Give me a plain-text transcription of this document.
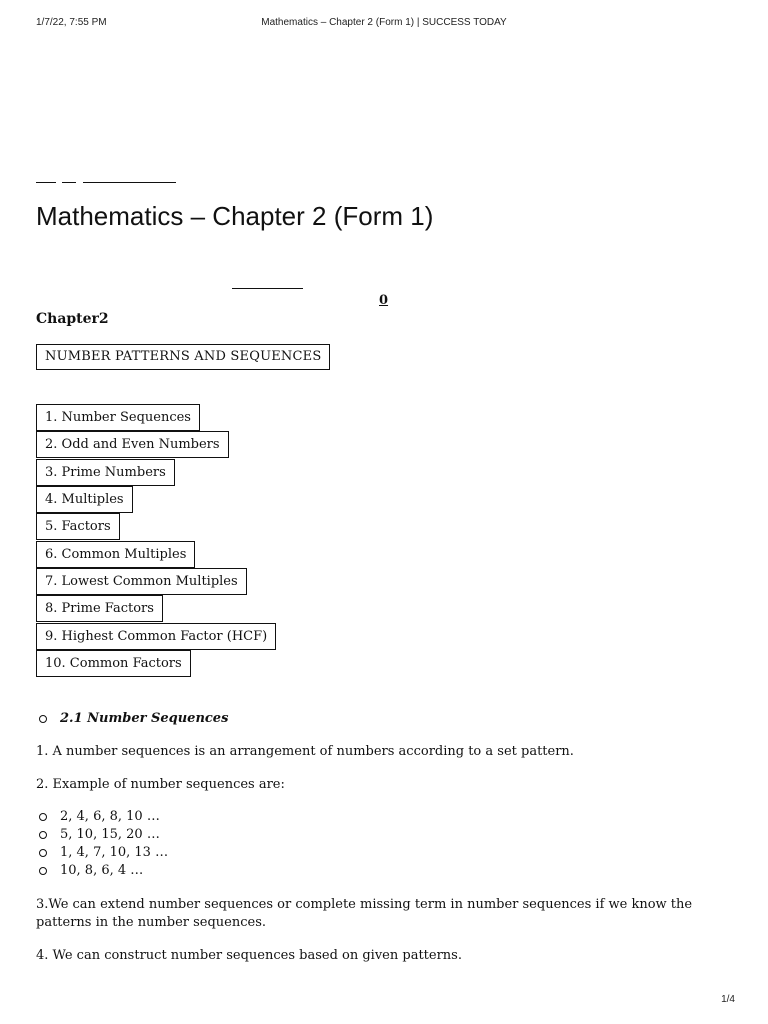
1/7/22, 7:55 PM	Mathematics – Chapter 2 (Form 1) | SUCCESS TODAY
Mathematics – Chapter 2 (Form 1)
0
Chapter2
NUMBER PATTERNS AND SEQUENCES
1. Number Sequences
2. Odd and Even Numbers
3. Prime Numbers
4. Multiples
5. Factors
6. Common Multiples
7. Lowest Common Multiples
8. Prime Factors
9. Highest Common Factor (HCF)
10. Common Factors
2.1 Number Sequences
1. A number sequences is an arrangement of numbers according to a set pattern.
2. Example of number sequences are:
2, 4, 6, 8, 10 …
5, 10, 15, 20 …
1, 4, 7, 10, 13 …
10, 8, 6, 4 …
3.We can extend number sequences or complete missing term in number sequences if we know the patterns in the number sequences.
4. We can construct number sequences based on given patterns.
1/4
